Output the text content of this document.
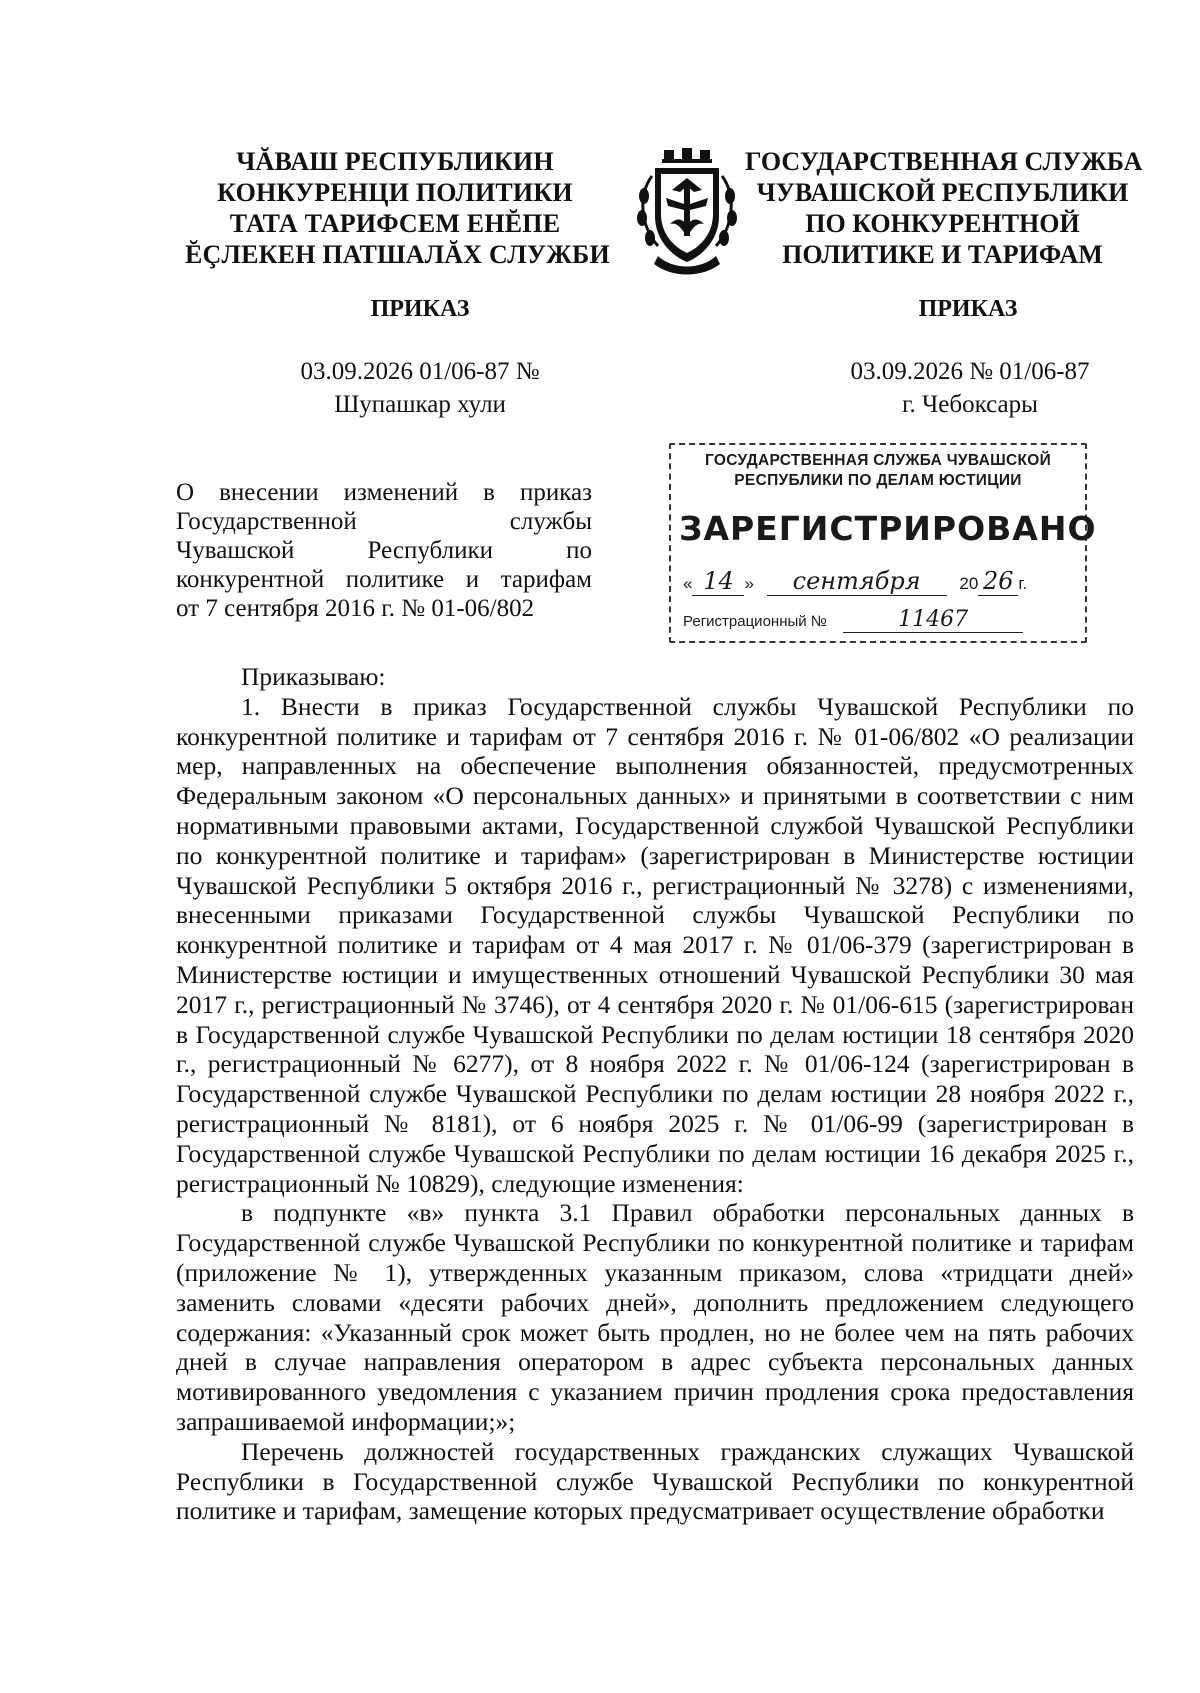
ЧĂВАШ РЕСПУБЛИКИН
КОНКУРЕНЦИ ПОЛИТИКИ
ТАТА ТАРИФСЕМ ЕНĔПЕ
ĔÇЛЕКЕН ПАТШАЛĂХ СЛУЖБИ
ГОСУДАРСТВЕННАЯ СЛУЖБА
ЧУВАШСКОЙ РЕСПУБЛИКИ
ПО КОНКУРЕНТНОЙ
ПОЛИТИКЕ И ТАРИФАМ
ПРИКАЗ	ПРИКАЗ
03.09.2026 01/06-87 №
Шупашкар хули
03.09.2026 № 01/06-87
г. Чебоксары
О внесении изменений в приказ
Государственной службы
Чувашской Республики по
конкурентной политике и тарифам
от 7 сентября 2016 г. № 01-06/802
ГОСУДАРСТВЕННАЯ СЛУЖБА ЧУВАШСКОЙ
РЕСПУБЛИКИ ПО ДЕЛАМ ЮСТИЦИИ
ЗАРЕГИСТРИРОВАНО
« 14 » сентября 20 26 г.
Регистрационный №	11467

Приказываю:

1. Внести в приказ Государственной службы Чувашской Республики по конкурентной политике и тарифам от 7 сентября 2016 г. № 01-06/802 «О реализации мер, направленных на обеспечение выполнения обязанностей, предусмотренных Федеральным законом «О персональных данных» и принятыми в соответствии с ним нормативными правовыми актами, Государственной службой Чувашской Республики по конкурентной политике и тарифам» (зарегистрирован в Министерстве юстиции Чувашской Республики 5 октября 2016 г., регистрационный № 3278) с изменениями, внесенными приказами Государственной службы Чувашской Республики по конкурентной политике и тарифам от 4 мая 2017 г. № 01/06-379 (зарегистрирован в Министерстве юстиции и имущественных отношений Чувашской Республики 30 мая 2017 г., регистрационный № 3746), от 4 сентября 2020 г. № 01/06-615 (зарегистрирован в Государственной службе Чувашской Республики по делам юстиции 18 сентября 2020 г., регистрационный № 6277), от 8 ноября 2022 г. № 01/06-124 (зарегистрирован в Государственной службе Чувашской Республики по делам юстиции 28 ноября 2022 г., регистрационный № 8181), от 6 ноября 2025 г. № 01/06-99 (зарегистрирован в Государственной службе Чувашской Республики по делам юстиции 16 декабря 2025 г., регистрационный № 10829), следующие изменения:

в подпункте «в» пункта 3.1 Правил обработки персональных данных в Государственной службе Чувашской Республики по конкурентной политике и тарифам (приложение № 1), утвержденных указанным приказом, слова «тридцати дней» заменить словами «десяти рабочих дней», дополнить предложением следующего содержания: «Указанный срок может быть продлен, но не более чем на пять рабочих дней в случае направления оператором в адрес субъекта персональных данных мотивированного уведомления с указанием причин продления срока предоставления запрашиваемой информации;»;

Перечень должностей государственных гражданских служащих Чувашской Республики в Государственной службе Чувашской Республики по конкурентной политике и тарифам, замещение которых предусматривает осуществление обработки
